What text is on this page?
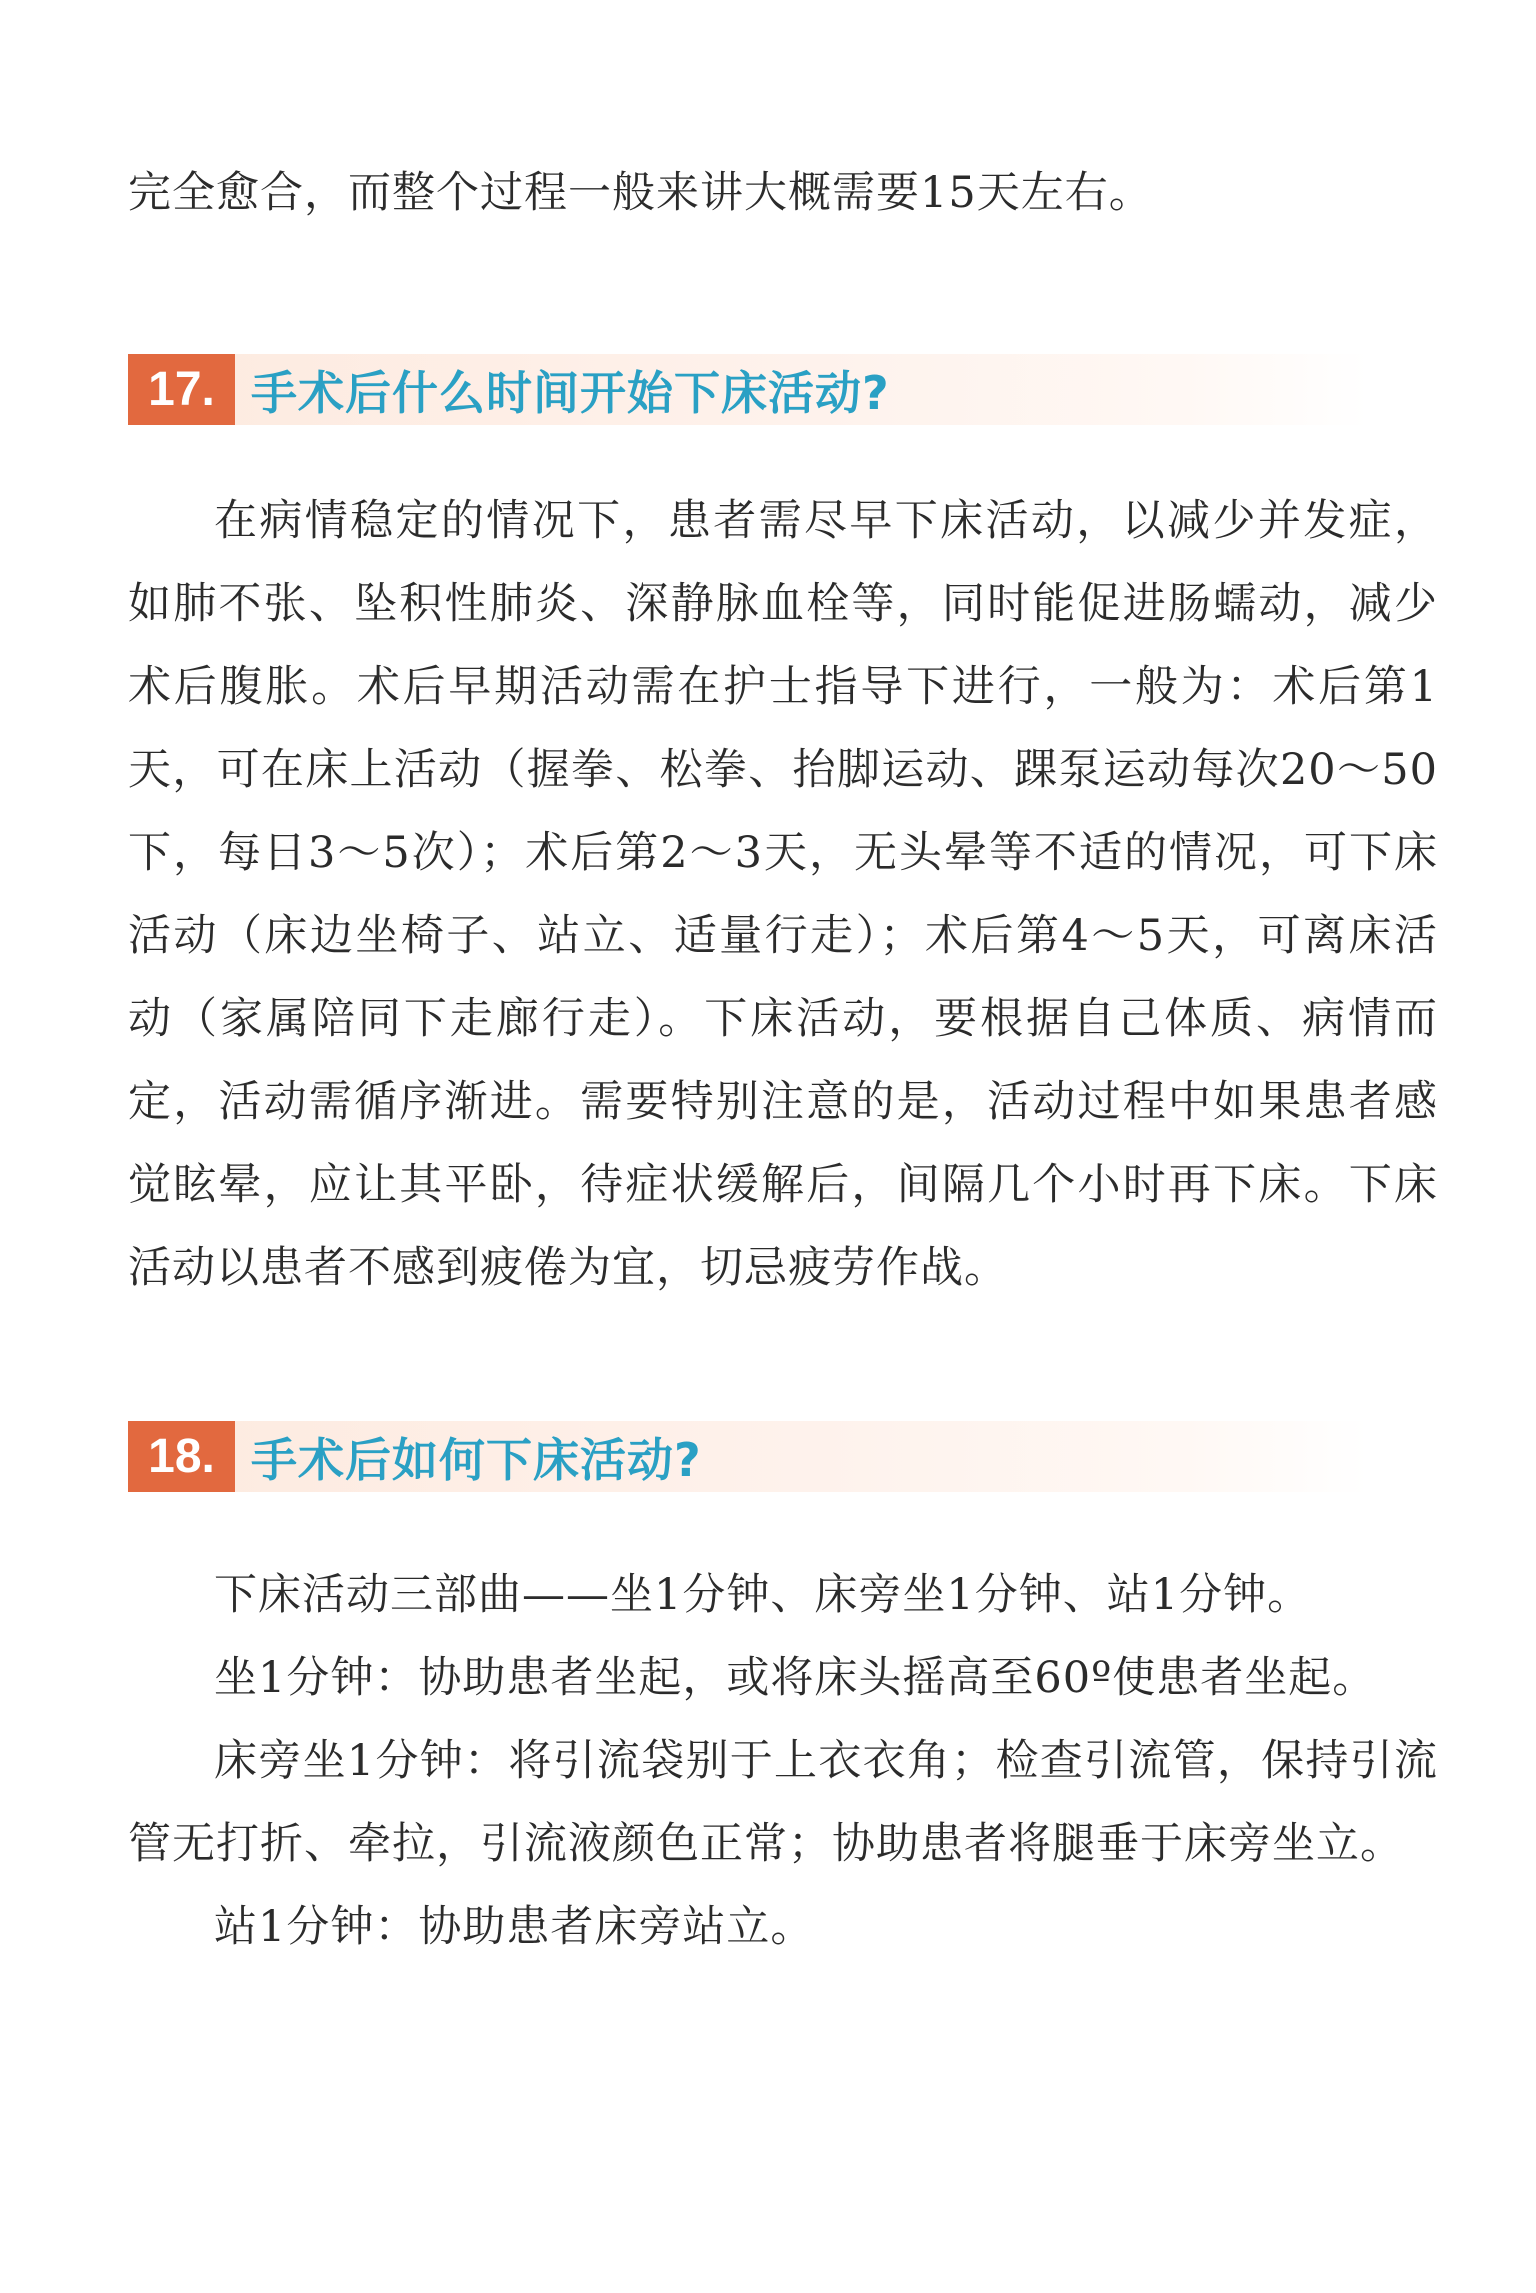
完全愈合，而整个过程一般来讲大概需要15天左右。

17. 手术后什么时间开始下床活动?

在病情稳定的情况下，患者需尽早下床活动，以减少并发症，如肺不张、坠积性肺炎、深静脉血栓等，同时能促进肠蠕动，减少术后腹胀。术后早期活动需在护士指导下进行，一般为：术后第1天，可在床上活动（握拳、松拳、抬脚运动、踝泵运动每次20～50下，每日3～5次）；术后第2～3天，无头晕等不适的情况，可下床活动（床边坐椅子、站立、适量行走）；术后第4～5天，可离床活动（家属陪同下走廊行走）。下床活动，要根据自己体质、病情而定，活动需循序渐进。需要特别注意的是，活动过程中如果患者感觉眩晕，应让其平卧，待症状缓解后，间隔几个小时再下床。下床活动以患者不感到疲倦为宜，切忌疲劳作战。

18. 手术后如何下床活动?

下床活动三部曲——坐1分钟、床旁坐1分钟、站1分钟。

坐1分钟：协助患者坐起，或将床头摇高至60º使患者坐起。

床旁坐1分钟：将引流袋别于上衣衣角；检查引流管，保持引流管无打折、牵拉，引流液颜色正常；协助患者将腿垂于床旁坐立。

站1分钟：协助患者床旁站立。
